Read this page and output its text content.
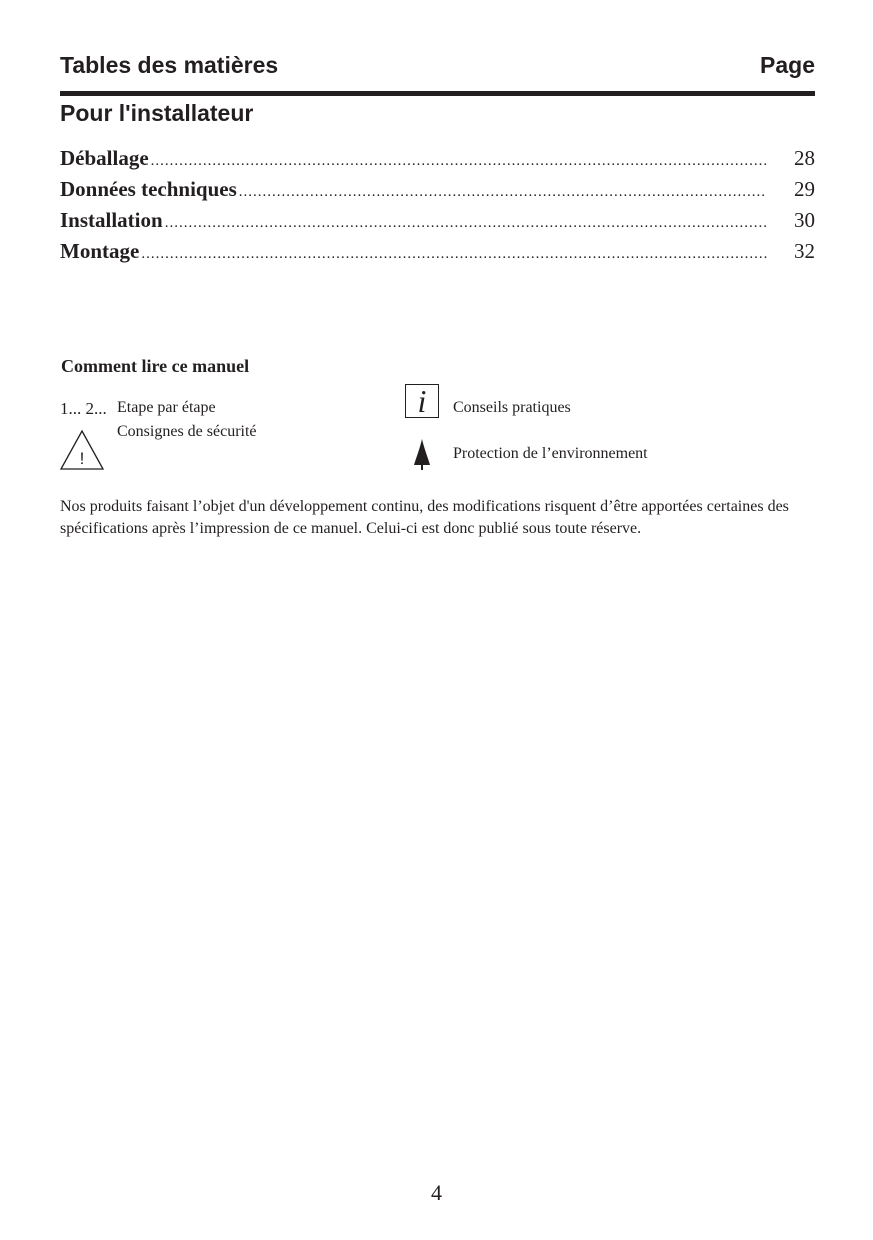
Tables des matières	Page
Pour l'installateur
Déballage .....	28
Données techniques .....	29
Installation .....	30
Montage .....	32
Comment lire ce manuel
1... 2... Etape par étape
Consignes de sécurité
!
i	Conseils pratiques
Protection de l’environnement
Nos produits faisant l’objet d'un développement continu, des modifications risquent d’être apportées certaines des spécifications après l’impression de ce manuel. Celui-ci est donc publié sous toute réserve.
4
